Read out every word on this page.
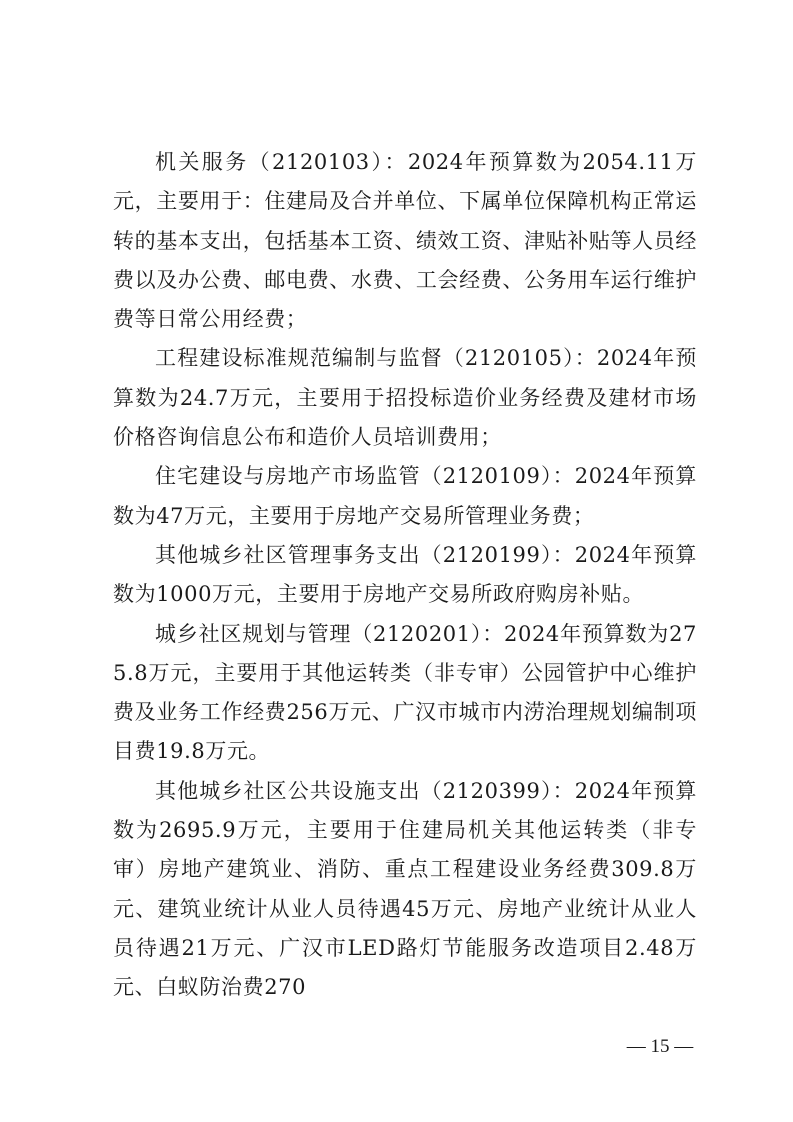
机关服务（2120103）：2024年预算数为2054.11万元，主要用于：住建局及合并单位、下属单位保障机构正常运转的基本支出，包括基本工资、绩效工资、津贴补贴等人员经费以及办公费、邮电费、水费、工会经费、公务用车运行维护费等日常公用经费；

工程建设标准规范编制与监督（2120105）：2024年预算数为24.7万元，主要用于招投标造价业务经费及建材市场价格咨询信息公布和造价人员培训费用；

住宅建设与房地产市场监管（2120109）：2024年预算数为47万元，主要用于房地产交易所管理业务费；

其他城乡社区管理事务支出（2120199）：2024年预算数为1000万元，主要用于房地产交易所政府购房补贴。

城乡社区规划与管理（2120201）：2024年预算数为275.8万元，主要用于其他运转类（非专审）公园管护中心维护费及业务工作经费256万元、广汉市城市内涝治理规划编制项目费19.8万元。

其他城乡社区公共设施支出（2120399）：2024年预算数为2695.9万元，主要用于住建局机关其他运转类（非专审）房地产建筑业、消防、重点工程建设业务经费309.8万元、建筑业统计从业人员待遇45万元、房地产业统计从业人员待遇21万元、广汉市LED路灯节能服务改造项目2.48万元、白蚁防治费270

— 15 —
